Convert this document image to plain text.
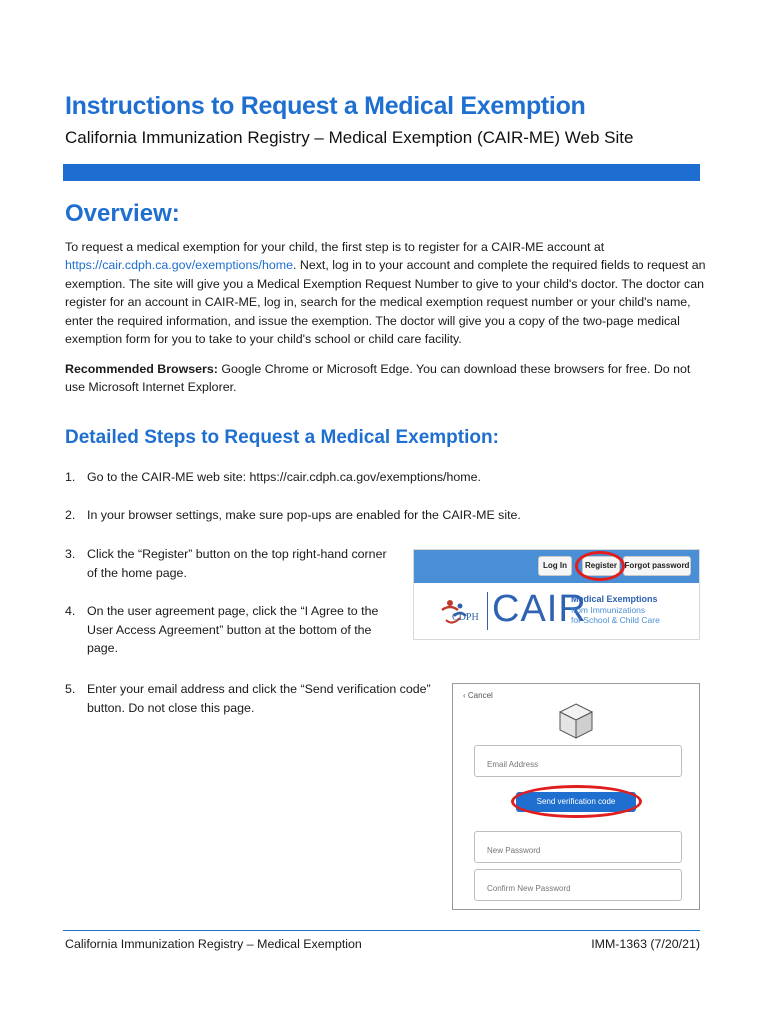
Instructions to Request a Medical Exemption
California Immunization Registry – Medical Exemption (CAIR-ME) Web Site
Overview:

To request a medical exemption for your child, the first step is to register for a CAIR-ME account at https://cair.cdph.ca.gov/exemptions/home. Next, log in to your account and complete the required fields to request an exemption. The site will give you a Medical Exemption Request Number to give to your child's doctor. The doctor can register for an account in CAIR-ME, log in, search for the medical exemption request number or your child's name, enter the required information, and issue the exemption. The doctor will give you a copy of the two-page medical exemption form for you to take to your child's school or child care facility.

Recommended Browsers: Google Chrome or Microsoft Edge. You can download these browsers for free. Do not use Microsoft Internet Explorer.

Detailed Steps to Request a Medical Exemption:
1. Go to the CAIR-ME web site: https://cair.cdph.ca.gov/exemptions/home.
2. In your browser settings, make sure pop-ups are enabled for the CAIR-ME site.
3. Click the “Register” button on the top right-hand corner of the home page.
4. On the user agreement page, click the “I Agree to the User Access Agreement” button at the bottom of the page.
5. Enter your email address and click the “Send verification code” button. Do not close this page.
Log In	Register Forgot password
CDPH CAIR
Medical Exemptions
from Immunizations
for School & Child Care
‹ Cancel
Email Address
Send verification code
New Password
Confirm New Password
California Immunization Registry – Medical Exemption	IMM-1363 (7/20/21)
